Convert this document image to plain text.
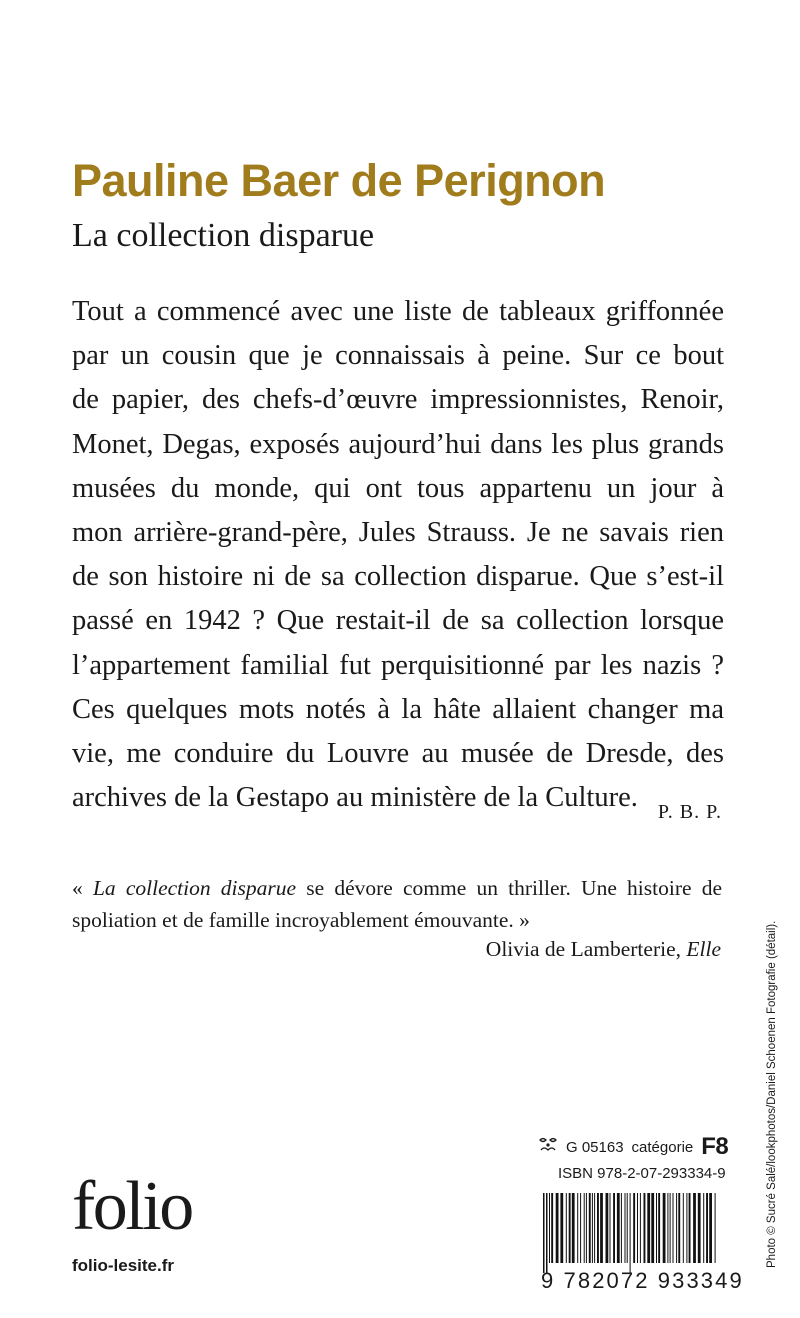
Pauline Baer de Perignon
La collection disparue
Tout a commencé avec une liste de tableaux griffonnée
par un cousin que je connaissais à peine. Sur ce bout
de papier, des chefs-d’œuvre impressionnistes, Renoir,
Monet, Degas, exposés aujourd’hui dans les plus grands
musées du monde, qui ont tous appartenu un jour à
mon arrière-grand-père, Jules Strauss. Je ne savais rien
de son histoire ni de sa collection disparue. Que s’est-il
passé en 1942 ? Que restait-il de sa collection lorsque
l’appartement familial fut perquisitionné par les nazis ?
Ces quelques mots notés à la hâte allaient changer ma
vie, me conduire du Louvre au musée de Dresde, des
archives de la Gestapo au ministère de la Culture.	P. B. P.
« La collection disparue se dévore comme un thriller. Une histoire de
spoliation et de famille incroyablement émouvante. »
Olivia de Lamberterie, Elle	Photo © Sucré Salé/lookphotos/Daniel Schoenen Fotografie (détail).
G 05163 catégorie F8
ISBN 978-2-07-293334-9
9 782072 933349
folio
folio-lesite.fr
